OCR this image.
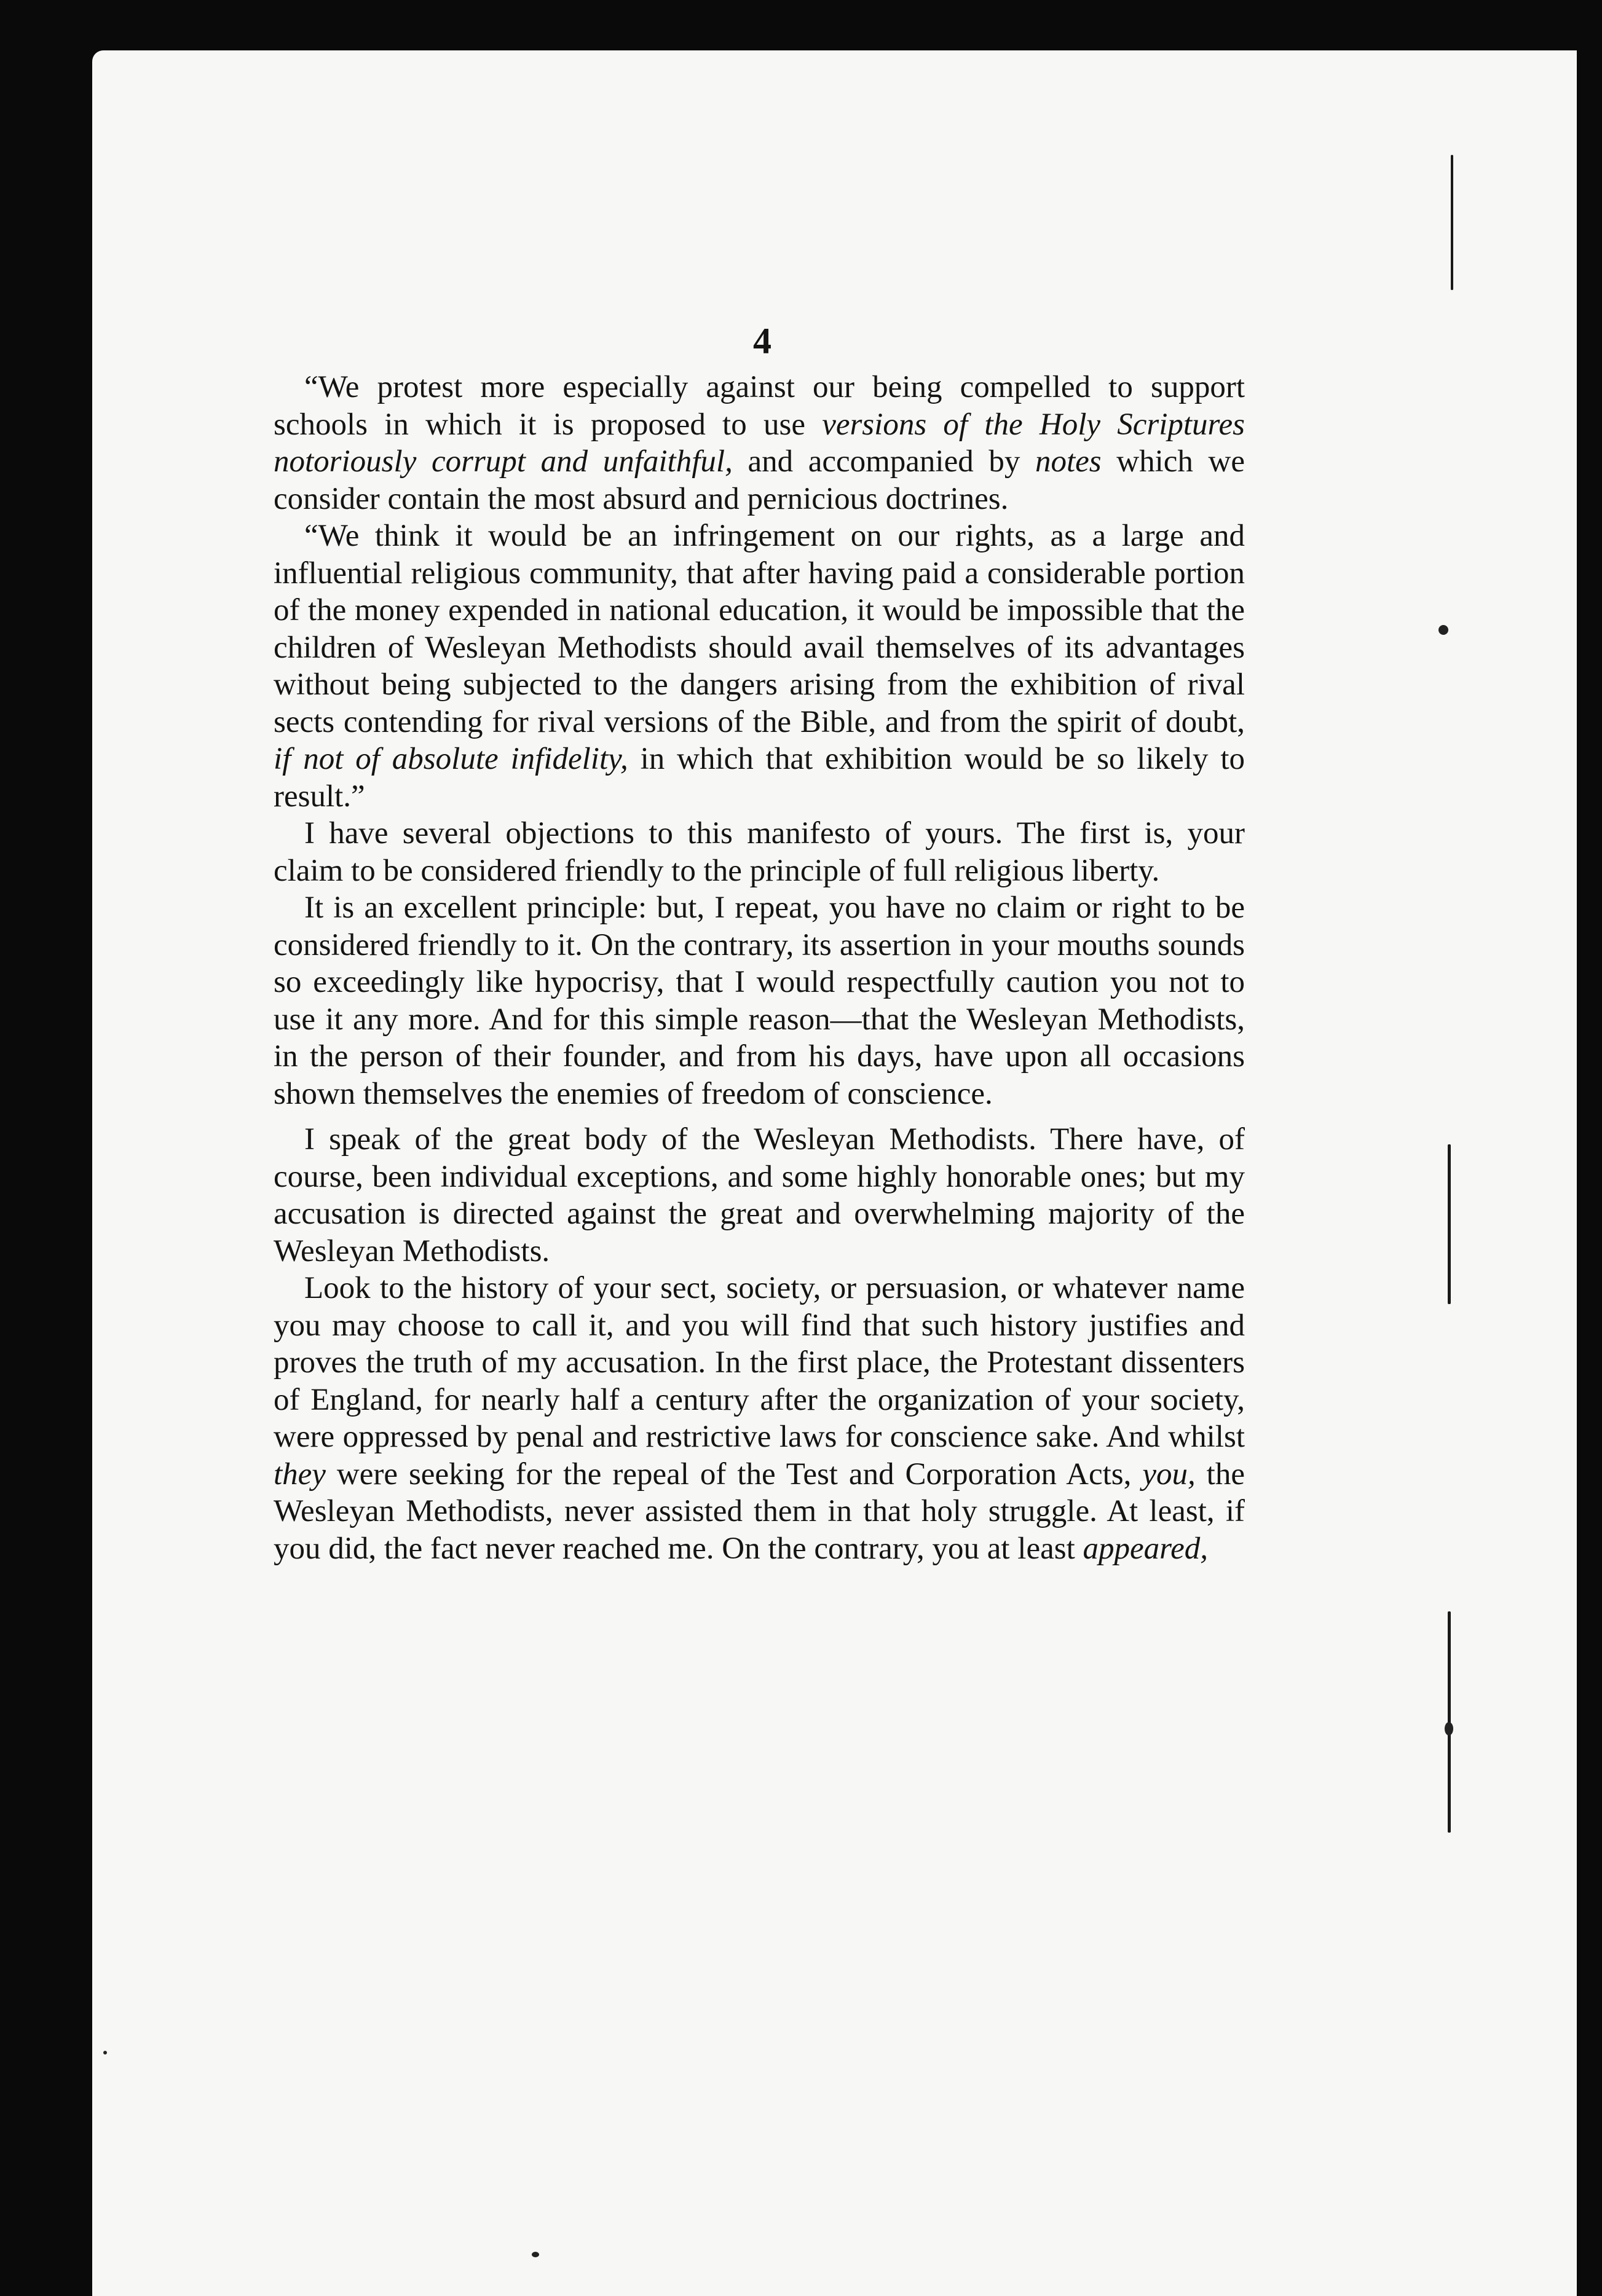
4

“We protest more especially against our being compelled to support schools in which it is proposed to use versions of the Holy Scriptures notoriously corrupt and unfaithful, and accompanied by notes which we consider contain the most absurd and pernicious doctrines.

“We think it would be an infringement on our rights, as a large and influential religious community, that after having paid a considerable portion of the money expended in national education, it would be impossible that the children of Wesleyan Methodists should avail themselves of its advantages without being subjected to the dangers arising from the exhibition of rival sects contending for rival versions of the Bible, and from the spirit of doubt, if not of absolute infidelity, in which that exhibition would be so likely to result.”

I have several objections to this manifesto of yours. The first is, your claim to be considered friendly to the principle of full religious liberty.

It is an excellent principle: but, I repeat, you have no claim or right to be considered friendly to it. On the contrary, its assertion in your mouths sounds so exceedingly like hypocrisy, that I would respectfully caution you not to use it any more. And for this simple reason—that the Wesleyan Methodists, in the person of their founder, and from his days, have upon all occasions shown themselves the enemies of freedom of conscience.

I speak of the great body of the Wesleyan Methodists. There have, of course, been individual exceptions, and some highly honorable ones; but my accusation is directed against the great and overwhelming majority of the Wesleyan Methodists.

Look to the history of your sect, society, or persuasion, or whatever name you may choose to call it, and you will find that such history justifies and proves the truth of my accusation. In the first place, the Protestant dissenters of England, for nearly half a century after the organization of your society, were oppressed by penal and restrictive laws for conscience sake. And whilst they were seeking for the repeal of the Test and Corporation Acts, you, the Wesleyan Methodists, never assisted them in that holy struggle. At least, if you did, the fact never reached me. On the contrary, you at least appeared,
